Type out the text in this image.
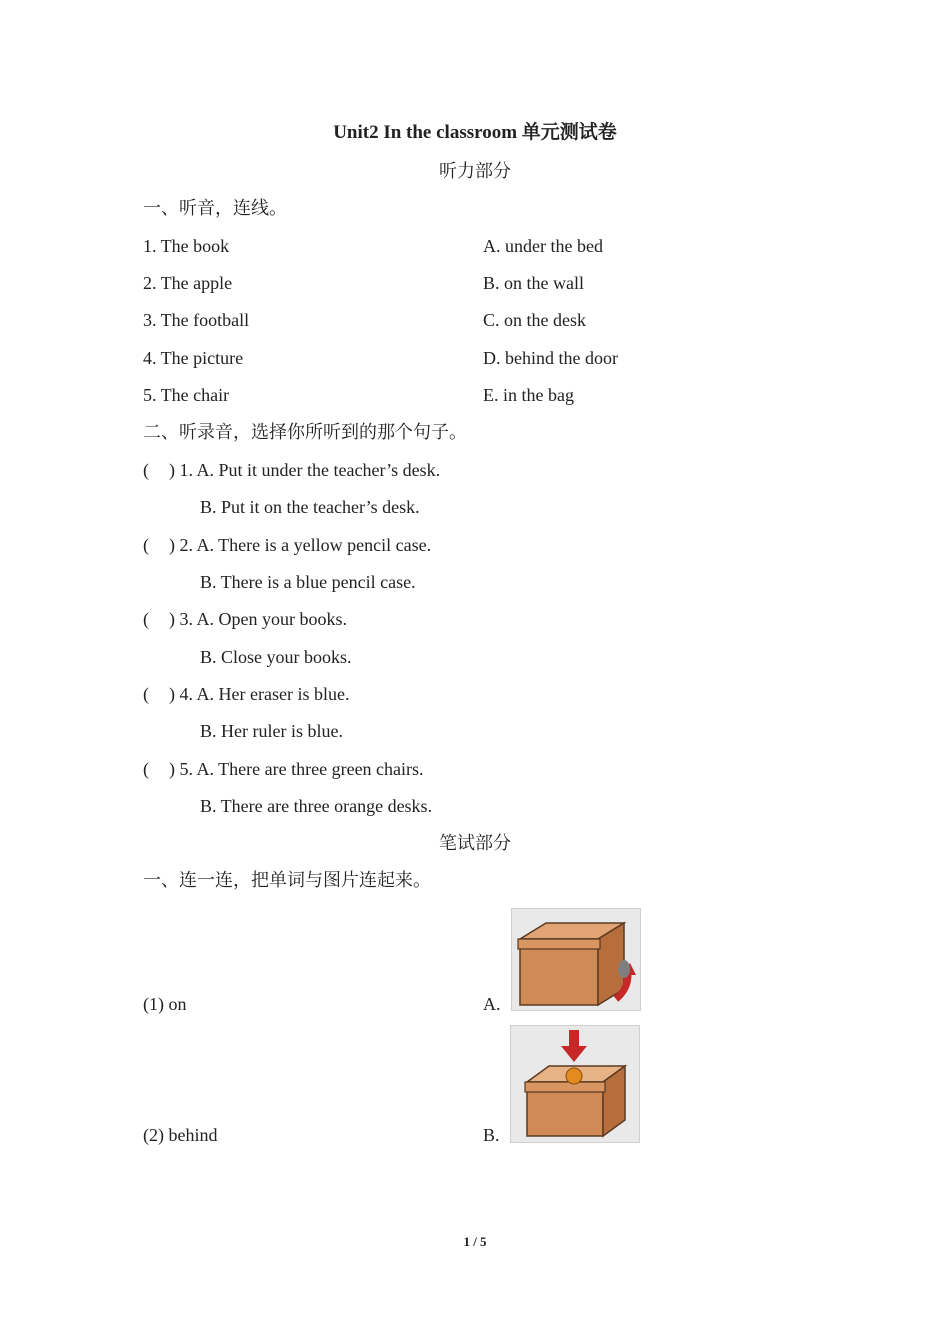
Unit2 In the classroom 单元测试卷
听力部分
一、听音，连线。
1. The book	A. under the bed
2. The apple	B. on the wall
3. The football	C. on the desk
4. The picture	D. behind the door
5. The chair	E. in the bag
二、听录音，选择你所听到的那个句子。
( ) 1. A. Put it under the teacher’s desk.
B. Put it on the teacher’s desk.
( ) 2. A. There is a yellow pencil case.
B. There is a blue pencil case.
( ) 3. A. Open your books.
B. Close your books.
( ) 4. A. Her eraser is blue.
B. Her ruler is blue.
( ) 5. A. There are three green chairs.
B. There are three orange desks.
笔试部分
一、连一连，把单词与图片连起来。
(1) on	A.
(2) behind	B.
1 / 5
